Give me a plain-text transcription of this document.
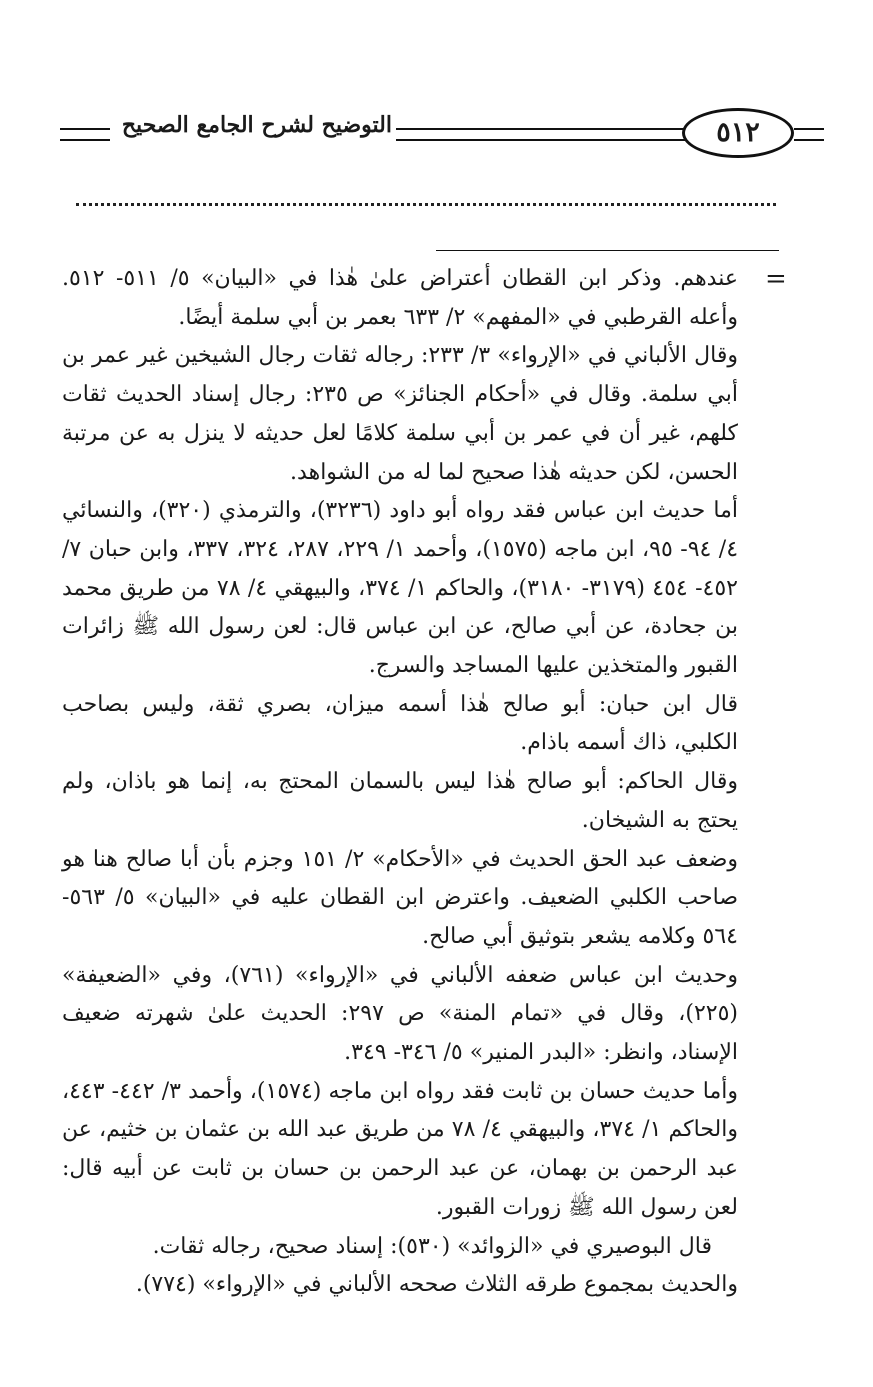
التوضيح لشرح الجامع الصحيح	٥١٢
=

عندهم. وذكر ابن القطان أعتراض علىٰ هٰذا في «البيان» ٥/ ٥١١- ٥١٢. وأعله القرطبي في «المفهم» ٢/ ٦٣٣ بعمر بن أبي سلمة أيضًا.

وقال الألباني في «الإرواء» ٣/ ٢٣٣: رجاله ثقات رجال الشيخين غير عمر بن أبي سلمة. وقال في «أحكام الجنائز» ص ٢٣٥: رجال إسناد الحديث ثقات كلهم، غير أن في عمر بن أبي سلمة كلامًا لعل حديثه لا ينزل به عن مرتبة الحسن، لكن حديثه هٰذا صحيح لما له من الشواهد.

أما حديث ابن عباس فقد رواه أبو داود (٣٢٣٦)، والترمذي (٣٢٠)، والنسائي ٤/ ٩٤- ٩٥، ابن ماجه (١٥٧٥)، وأحمد ١/ ٢٢٩، ٢٨٧، ٣٢٤، ٣٣٧، وابن حبان ٧/ ٤٥٢- ٤٥٤ (٣١٧٩- ٣١٨٠)، والحاكم ١/ ٣٧٤، والبيهقي ٤/ ٧٨ من طريق محمد بن جحادة، عن أبي صالح، عن ابن عباس قال: لعن رسول الله ﷺ زائرات القبور والمتخذين عليها المساجد والسرج.

قال ابن حبان: أبو صالح هٰذا أسمه ميزان، بصري ثقة، وليس بصاحب الكلبي، ذاك أسمه باذام.

وقال الحاكم: أبو صالح هٰذا ليس بالسمان المحتج به، إنما هو باذان، ولم يحتج به الشيخان.

وضعف عبد الحق الحديث في «الأحكام» ٢/ ١٥١ وجزم بأن أبا صالح هنا هو صاحب الكلبي الضعيف. واعترض ابن القطان عليه في «البيان» ٥/ ٥٦٣- ٥٦٤ وكلامه يشعر بتوثيق أبي صالح.

وحديث ابن عباس ضعفه الألباني في «الإرواء» (٧٦١)، وفي «الضعيفة» (٢٢٥)، وقال في «تمام المنة» ص ٢٩٧: الحديث علىٰ شهرته ضعيف الإسناد، وانظر: «البدر المنير» ٥/ ٣٤٦- ٣٤٩.

وأما حديث حسان بن ثابت فقد رواه ابن ماجه (١٥٧٤)، وأحمد ٣/ ٤٤٢- ٤٤٣، والحاكم ١/ ٣٧٤، والبيهقي ٤/ ٧٨ من طريق عبد الله بن عثمان بن خثيم، عن عبد الرحمن بن بهمان، عن عبد الرحمن بن حسان بن ثابت عن أبيه قال: لعن رسول الله ﷺ زورات القبور.

قال البوصيري في «الزوائد» (٥٣٠): إسناد صحيح، رجاله ثقات.

والحديث بمجموع طرقه الثلاث صححه الألباني في «الإرواء» (٧٧٤).
